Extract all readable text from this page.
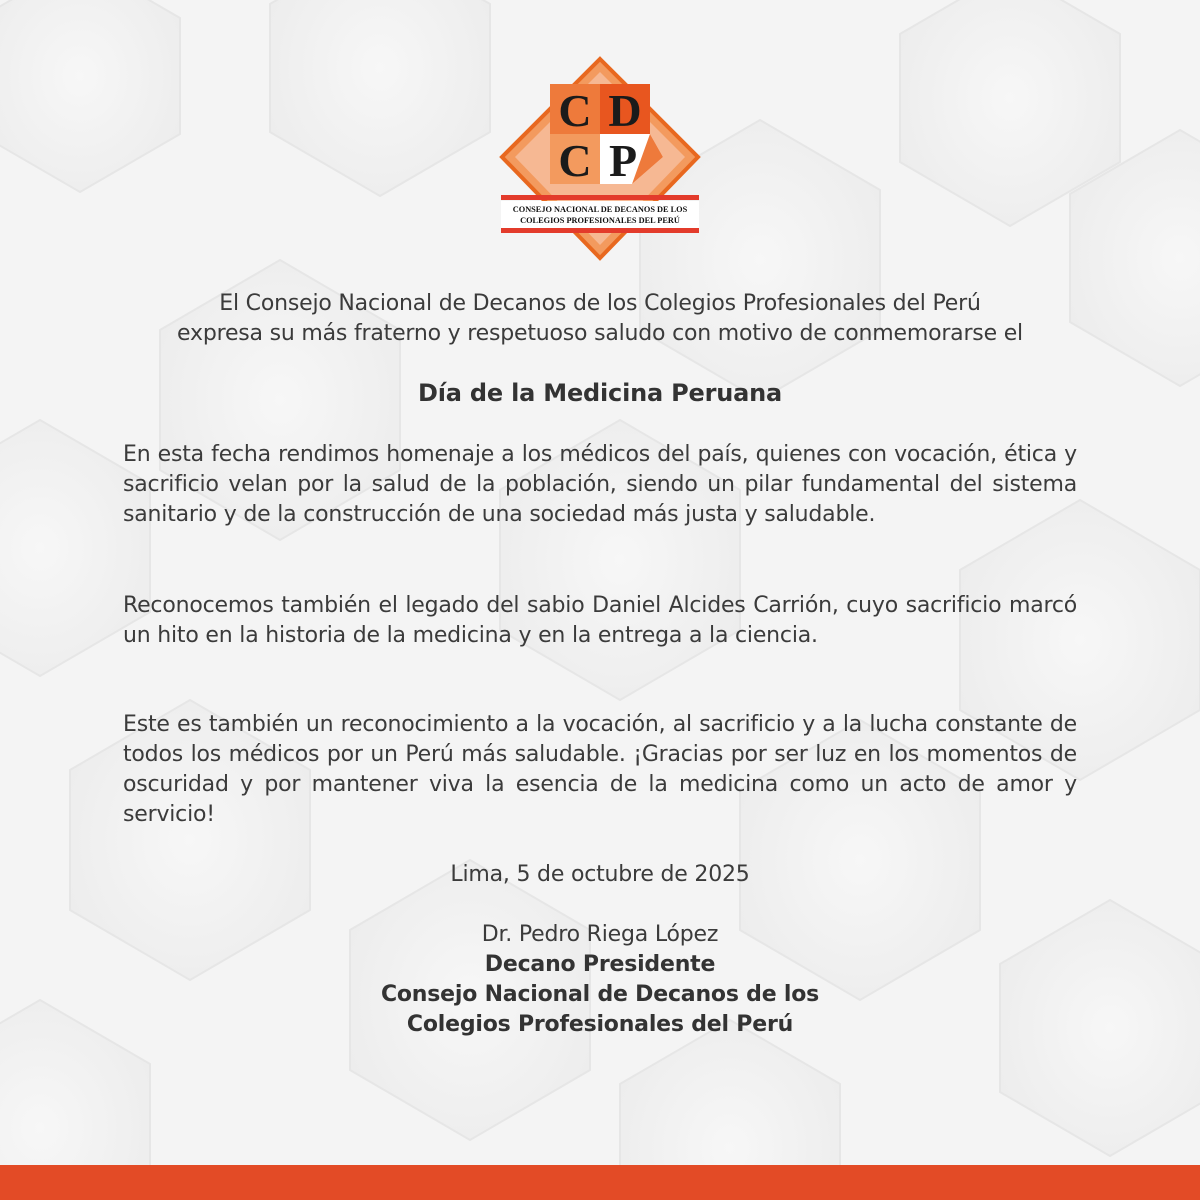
C D
C P
CONSEJO NACIONAL DE DECANOS DE LOS
COLEGIOS PROFESIONALES DEL PERÚ
El Consejo Nacional de Decanos de los Colegios Profesionales del Perú
expresa su más fraterno y respetuoso saludo con motivo de conmemorarse el
Día de la Medicina Peruana
En esta fecha rendimos homenaje a los médicos del país, quienes con vocación, ética y sacrificio velan por la salud de la población, siendo un pilar fundamental del sistema sanitario y de la construcción de una sociedad más justa y saludable.
Reconocemos también el legado del sabio Daniel Alcides Carrión, cuyo sacrificio marcó un hito en la historia de la medicina y en la entrega a la ciencia.
Este es también un reconocimiento a la vocación, al sacrificio y a la lucha constante de todos los médicos por un Perú más saludable. ¡Gracias por ser luz en los momentos de oscuridad y por mantener viva la esencia de la medicina como un acto de amor y servicio!
Lima, 5 de octubre de 2025
Dr. Pedro Riega López
Decano Presidente
Consejo Nacional de Decanos de los
Colegios Profesionales del Perú
